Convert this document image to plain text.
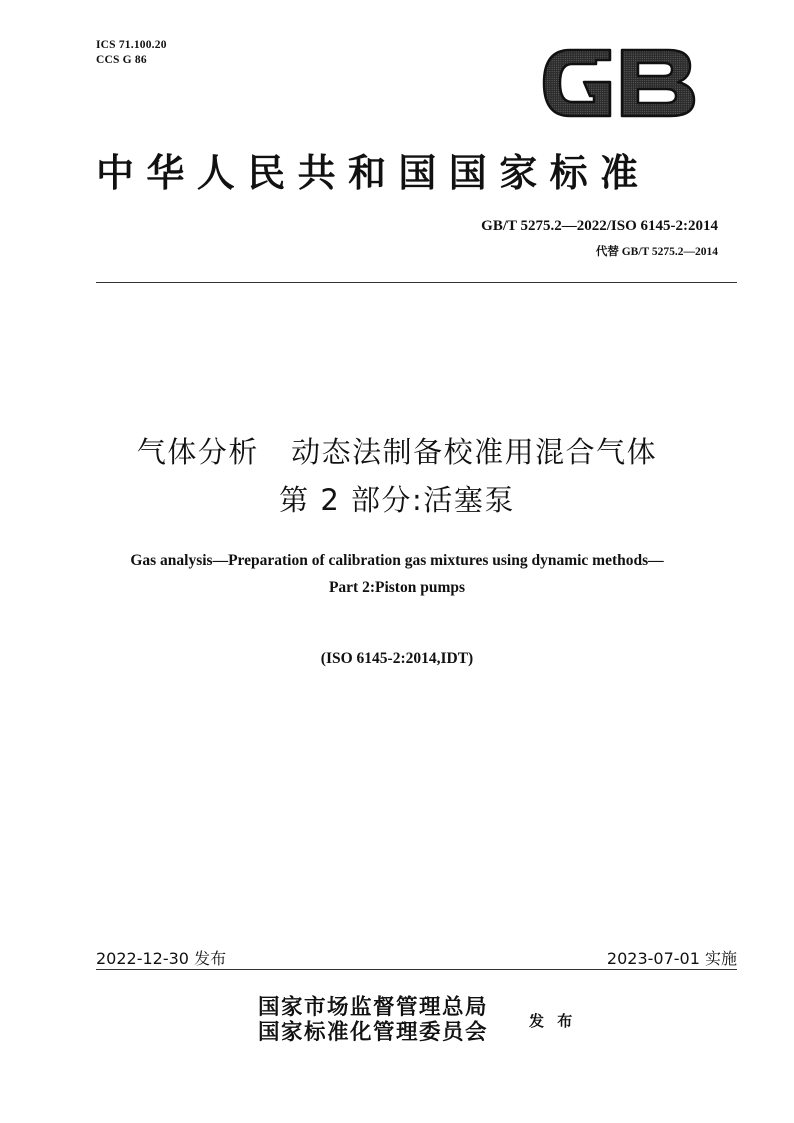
ICS 71.100.20
CCS G 86
中华人民共和国国家标准
GB/T 5275.2—2022/ISO 6145-2:2014
代替 GB/T 5275.2—2014
气体分析   动态法制备校准用混合气体
第 2 部分:活塞泵
Gas analysis—Preparation of calibration gas mixtures using dynamic methods—
Part 2:Piston pumps
(ISO 6145-2:2014,IDT)
2022-12-30 发布	2023-07-01 实施
国家市场监督管理总局
国家标准化管理委员会	发 布
